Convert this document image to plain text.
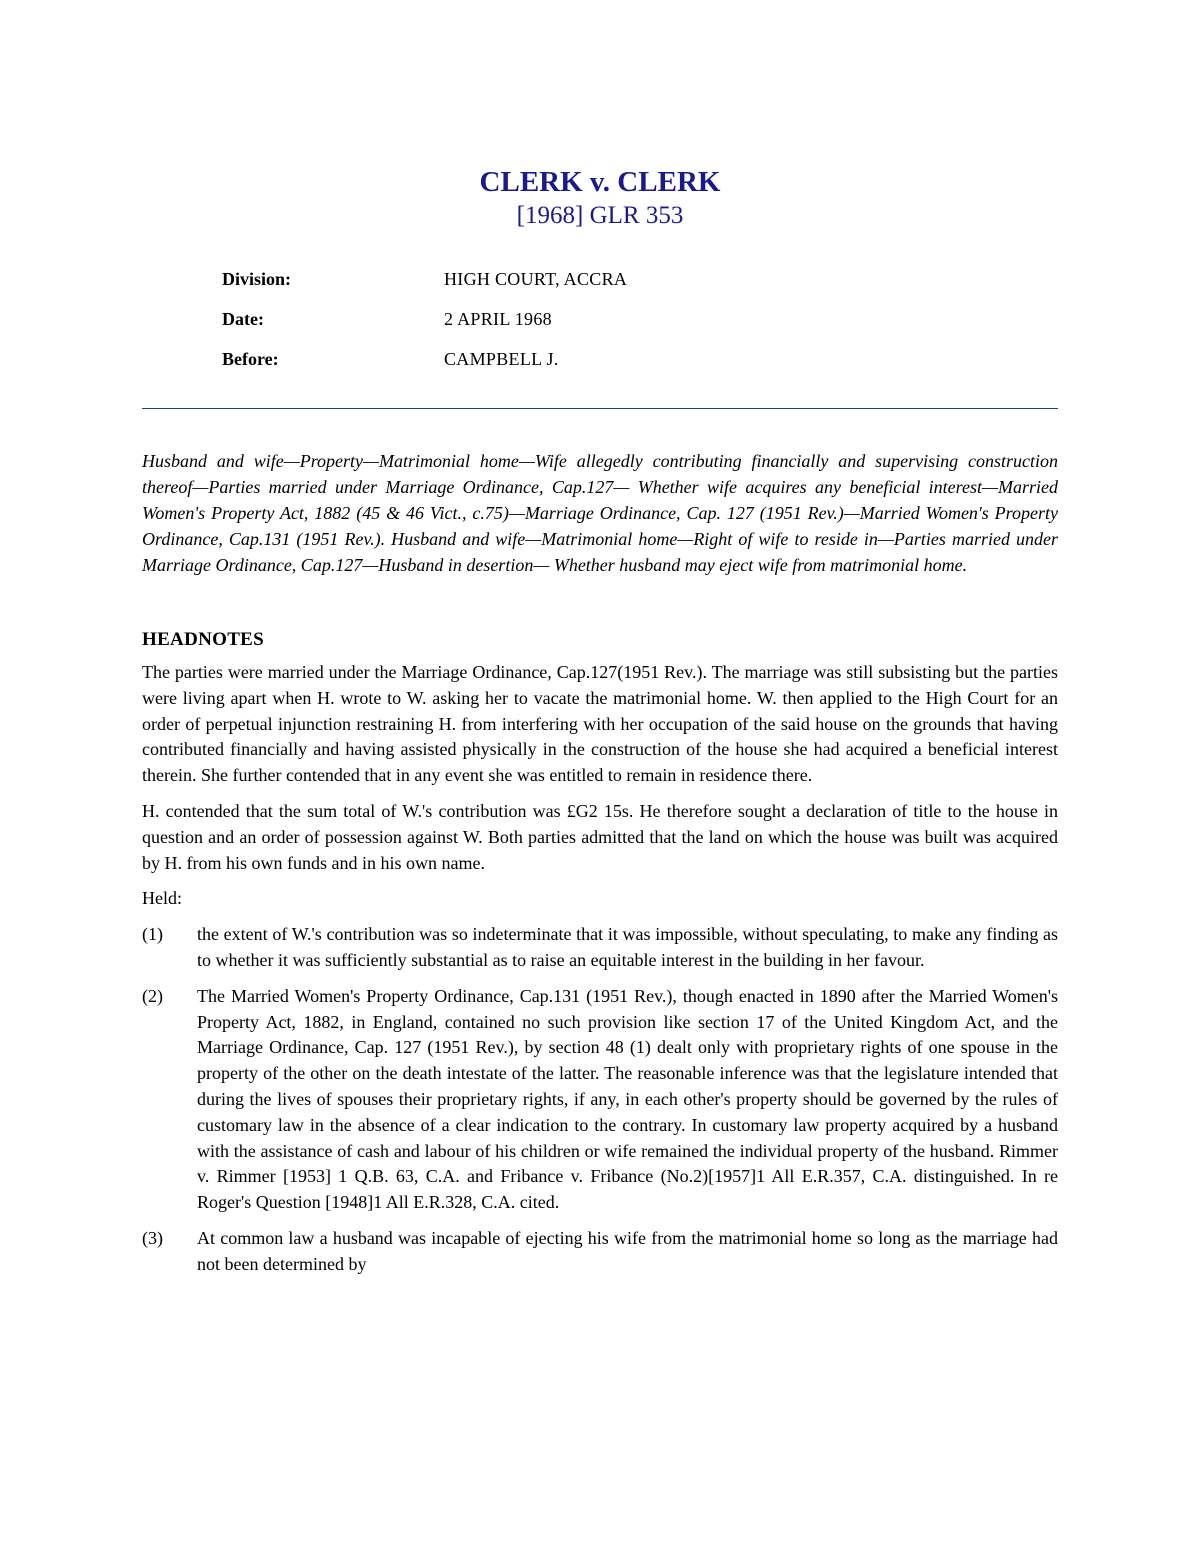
CLERK v. CLERK
[1968] GLR 353
Division:	HIGH COURT, ACCRA
Date:	2 APRIL 1968
Before:	CAMPBELL J.

Husband and wife—Property—Matrimonial home—Wife allegedly contributing financially and supervising construction thereof—Parties married under Marriage Ordinance, Cap.127— Whether wife acquires any beneficial interest—Married Women's Property Act, 1882 (45 & 46 Vict., c.75)—Marriage Ordinance, Cap. 127 (1951 Rev.)—Married Women's Property Ordinance, Cap.131 (1951 Rev.). Husband and wife—Matrimonial home—Right of wife to reside in—Parties married under Marriage Ordinance, Cap.127—Husband in desertion— Whether husband may eject wife from matrimonial home.

HEADNOTES

The parties were married under the Marriage Ordinance, Cap.127(1951 Rev.). The marriage was still subsisting but the parties were living apart when H. wrote to W. asking her to vacate the matrimonial home. W. then applied to the High Court for an order of perpetual injunction restraining H. from interfering with her occupation of the said house on the grounds that having contributed financially and having assisted physically in the construction of the house she had acquired a beneficial interest therein. She further contended that in any event she was entitled to remain in residence there.

H. contended that the sum total of W.'s contribution was £G2 15s. He therefore sought a declaration of title to the house in question and an order of possession against W. Both parties admitted that the land on which the house was built was acquired by H. from his own funds and in his own name.

Held:

(1)	the extent of W.'s contribution was so indeterminate that it was impossible, without speculating, to make any finding as to whether it was sufficiently substantial as to raise an equitable interest in the building in her favour.
(2)	The Married Women's Property Ordinance, Cap.131 (1951 Rev.), though enacted in 1890 after the Married Women's Property Act, 1882, in England, contained no such provision like section 17 of the United Kingdom Act, and the Marriage Ordinance, Cap. 127 (1951 Rev.), by section 48 (1) dealt only with proprietary rights of one spouse in the property of the other on the death intestate of the latter. The reasonable inference was that the legislature intended that during the lives of spouses their proprietary rights, if any, in each other's property should be governed by the rules of customary law in the absence of a clear indication to the contrary. In customary law property acquired by a husband with the assistance of cash and labour of his children or wife remained the individual property of the husband. Rimmer v. Rimmer [1953] 1 Q.B. 63, C.A. and Fribance v. Fribance (No.2)[1957]1 All E.R.357, C.A. distinguished. In re Roger's Question [1948]1 All E.R.328, C.A. cited.
(3)	At common law a husband was incapable of ejecting his wife from the matrimonial home so long as the marriage had not been determined by
